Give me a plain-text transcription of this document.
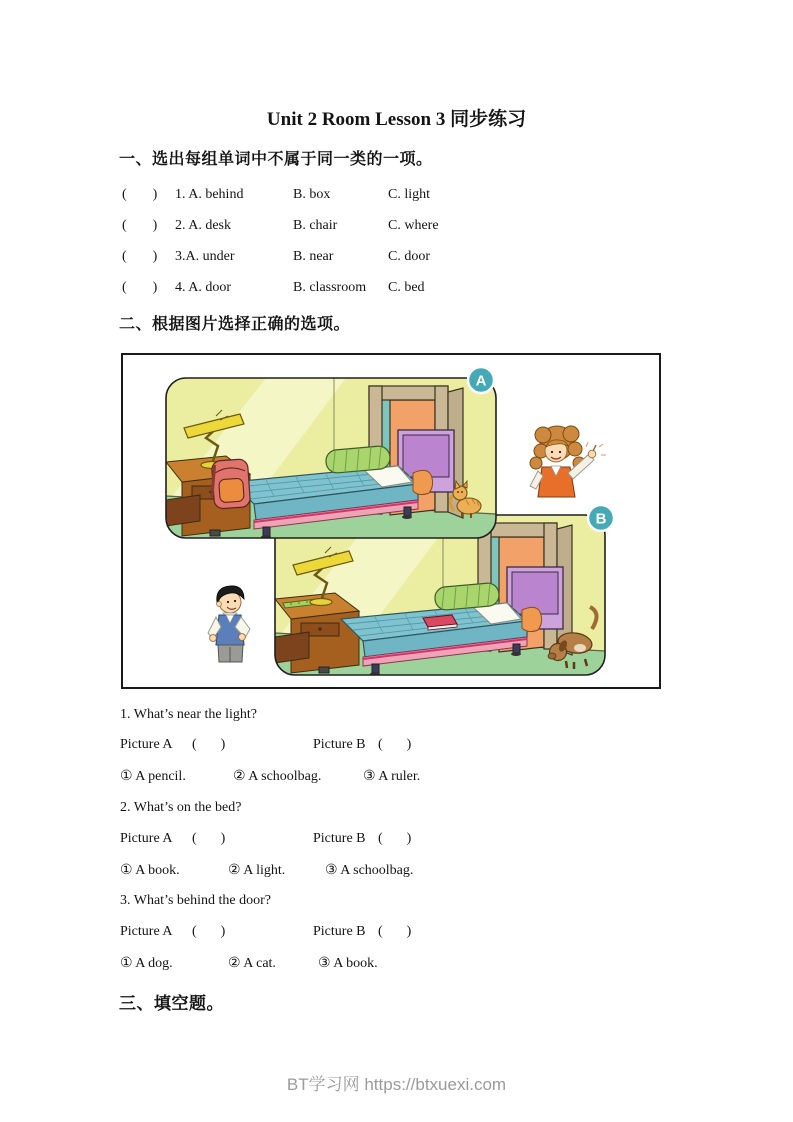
Unit 2 Room Lesson 3 同步练习
一、选出每组单词中不属于同一类的一项。
( )	1. A. behind	B. box	C. light
( )	2. A. desk	B. chair	C. where
( )	3.A. under	B. near	C. door
( )	4. A. door	B. classroom	C. bed
二、根据图片选择正确的选项。
A
B
1. What’s near the light?
Picture A ( )	Picture B ( )
① A pencil.	② A schoolbag.	③ A ruler.
2. What’s on the bed?
Picture A ( )	Picture B ( )
① A book.	② A light.	③ A schoolbag.
3. What’s behind the door?
Picture A ( )	Picture B ( )
① A dog.	② A cat.	③ A book.
三、填空题。
BT学习网 https://btxuexi.com
